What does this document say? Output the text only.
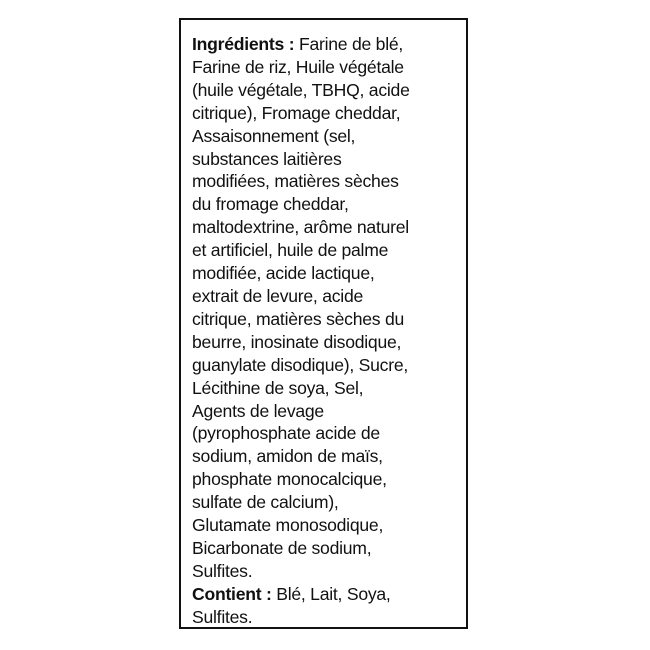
Ingrédients : Farine de blé,
Farine de riz, Huile végétale
(huile végétale, TBHQ, acide
citrique), Fromage cheddar,
Assaisonnement (sel,
substances laitières
modifiées, matières sèches
du fromage cheddar,
maltodextrine, arôme naturel
et artificiel, huile de palme
modifiée, acide lactique,
extrait de levure, acide
citrique, matières sèches du
beurre, inosinate disodique,
guanylate disodique), Sucre,
Lécithine de soya, Sel,
Agents de levage
(pyrophosphate acide de
sodium, amidon de maïs,
phosphate monocalcique,
sulfate de calcium),
Glutamate monosodique,
Bicarbonate de sodium,
Sulfites.
Contient : Blé, Lait, Soya,
Sulfites.
